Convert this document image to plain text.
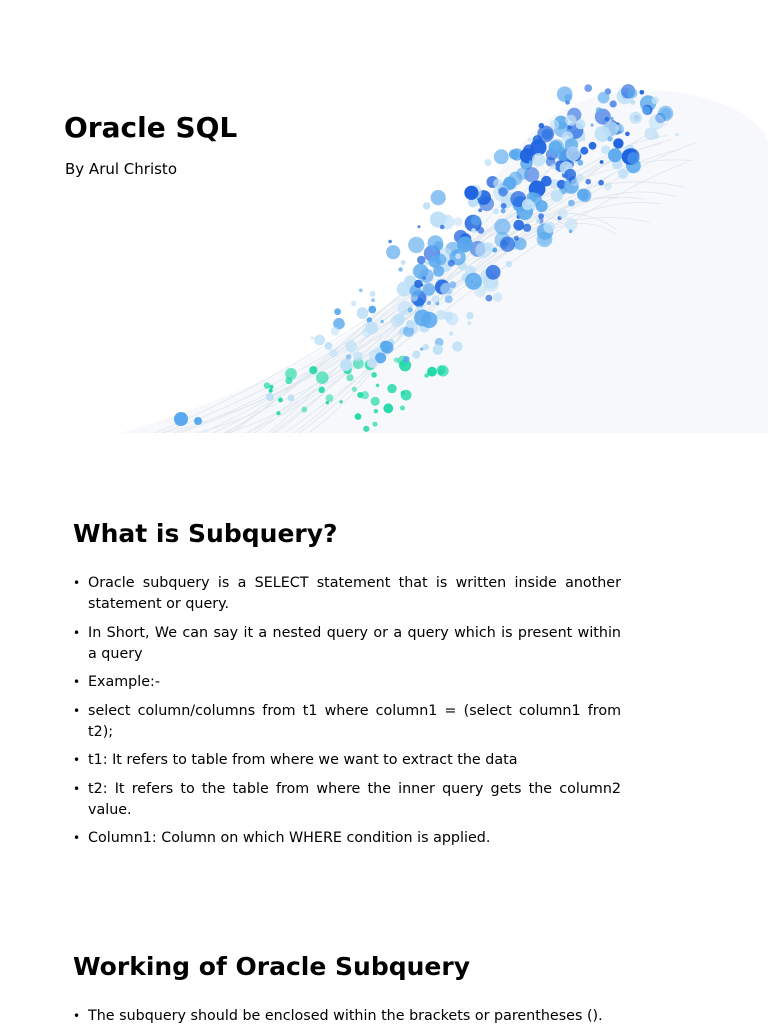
Oracle SQL

By Arul Christo

What is Subquery?
• Oracle subquery is a SELECT statement that is written inside another statement or query.
• In Short, We can say it a nested query or a query which is present within a query
• Example:-
• select column/columns from t1 where column1 = (select column1 from t2);
• t1: It refers to table from where we want to extract the data
• t2: It refers to the table from where the inner query gets the column2 value.
• Column1: Column on which WHERE condition is applied.
Working of Oracle Subquery
• The subquery should be enclosed within the brackets or parentheses ().
